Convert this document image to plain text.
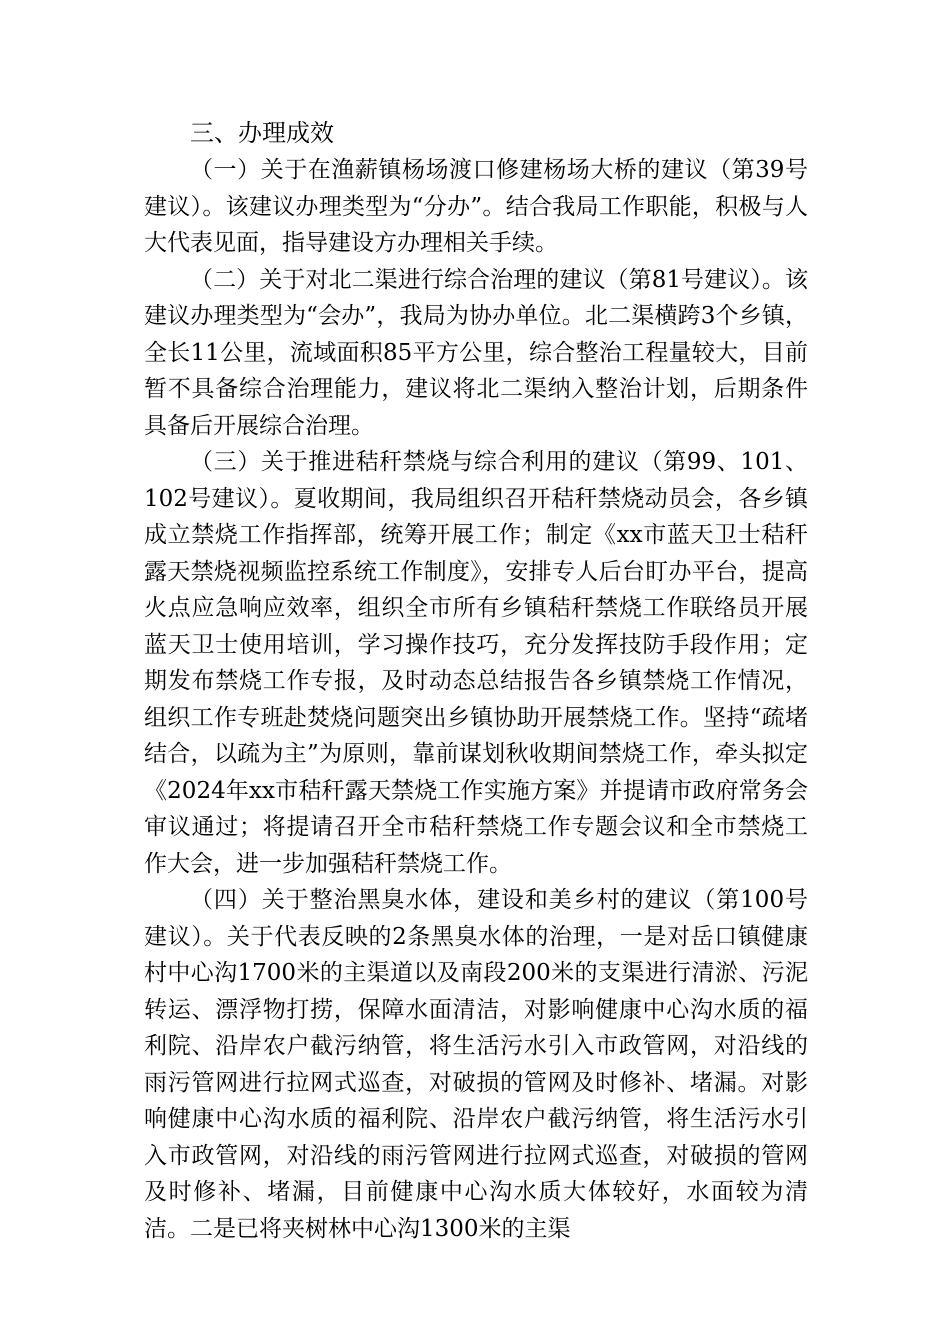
三、办理成效

（一）关于在渔薪镇杨场渡口修建杨场大桥的建议（第39号建议）。该建议办理类型为“分办”。结合我局工作职能，积极与人大代表见面，指导建设方办理相关手续。

（二）关于对北二渠进行综合治理的建议（第81号建议）。该建议办理类型为“会办”，我局为协办单位。北二渠横跨3个乡镇，全长11公里，流域面积85平方公里，综合整治工程量较大，目前暂不具备综合治理能力，建议将北二渠纳入整治计划，后期条件具备后开展综合治理。

（三）关于推进秸秆禁烧与综合利用的建议（第99、101、102号建议）。夏收期间，我局组织召开秸秆禁烧动员会，各乡镇成立禁烧工作指挥部，统筹开展工作；制定《xx市蓝天卫士秸秆露天禁烧视频监控系统工作制度》，安排专人后台盯办平台，提高火点应急响应效率，组织全市所有乡镇秸秆禁烧工作联络员开展蓝天卫士使用培训，学习操作技巧，充分发挥技防手段作用；定期发布禁烧工作专报，及时动态总结报告各乡镇禁烧工作情况，组织工作专班赴焚烧问题突出乡镇协助开展禁烧工作。坚持“疏堵结合，以疏为主”为原则，靠前谋划秋收期间禁烧工作，牵头拟定《2024年xx市秸秆露天禁烧工作实施方案》并提请市政府常务会审议通过；将提请召开全市秸秆禁烧工作专题会议和全市禁烧工作大会，进一步加强秸秆禁烧工作。

（四）关于整治黑臭水体，建设和美乡村的建议（第100号建议）。关于代表反映的2条黑臭水体的治理，一是对岳口镇健康村中心沟1700米的主渠道以及南段200米的支渠进行清淤、污泥转运、漂浮物打捞，保障水面清洁，对影响健康中心沟水质的福利院、沿岸农户截污纳管，将生活污水引入市政管网，对沿线的雨污管网进行拉网式巡查，对破损的管网及时修补、堵漏。对影响健康中心沟水质的福利院、沿岸农户截污纳管，将生活污水引入市政管网，对沿线的雨污管网进行拉网式巡查，对破损的管网及时修补、堵漏，目前健康中心沟水质大体较好，水面较为清洁。二是已将夹树林中心沟1300米的主渠
